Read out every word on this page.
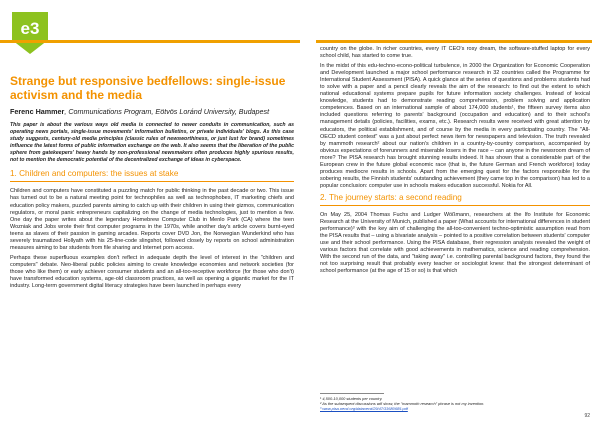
e3
Strange but responsive bedfellows: single-issue activism and the media
Ferenc Hammer, Communications Program, Eötvös Loránd University, Budapest

This paper is about the various ways old media is connected to newer conduits in communication, such as operating news portals, single-issue movements' information bulletins, or private individuals' blogs. As this case study suggests, century-old media principles (classic rules of newsworthiness, or just lust for brand) sometimes influence the latest forms of public information exchange on the web. It also seems that the liberation of the public sphere from gatekeepers' heavy hands by non-professional newsmakers often produces highly spurious results, not to mention the democratic potential of the decentralized exchange of ideas in cyberspace.

1. Children and computers: the issues at stake

Children and computers have constituted a puzzling match for public thinking in the past decade or two. This issue has turned out to be a natural meeting point for technophiles as well as technophobes, IT marketing chiefs and education policy makers, puzzled parents aiming to catch up with their children in using their gizmos, communication regulators, or moral panic entrepreneurs capitalizing on the change of media technologies, just to mention a few. One day the paper writes about the legendary Homebrew Computer Club in Menlo Park (CA) where the teen Wozniak and Jobs wrote their first computer programs in the 1970s, while another day's article covers burnt-eyed teens as slaves of their passion in gaming arcades. Reports cover DVD Jon, the Norwegian Wunderkind who has severely traumatized Hollyath with his 25-line-code slingshot, followed closely by reports on school administration measures aiming to bar students from file sharing and Internet porn access.

Perhaps these superfluous examples don't reflect in adequate depth the level of interest in the "children and computers" debate. Neo-liberal public policies aiming to create knowledge economies and network societies (for those who like them) or early achiever consumer students and an all-too-receptive workforce (for those who don't) have transformed education systems, age-old classroom practices, as well as opening a gigantic market for the IT industry. Long-term government digital literacy strategies have been launched in perhaps every

country on the globe. In richer countries, every IT CEO's rosy dream, the software-stuffed laptop for every school child, has started to come true.

In the midst of this edu-techno-econo-political turbulence, in 2000 the Organization for Economic Cooperation and Development launched a major school performance research in 32 countries called the Programme for International Student Assessment (PISA). A quick glance at the series of questions and problems students had to solve with a paper and a pencil clearly reveals the aim of the research: to find out the extent to which national educational systems prepare pupils for future information society challenges. Instead of lexical knowledge, students had to demonstrate reading comprehension, problem solving and application competences. Based on an international sample of about 174,000 students¹, the fifteen survey items also included questions referring to parents' background (occupation and education) and to their school's management details (policies, facilities, exams, etc.). Research results were received with great attention by educators, the political establishment, and of course by the media in every participating country. The "All-OECD student contest" was a just about perfect news item for newspapers and television. The truth revealed by mammoth research² about our nation's children in a country-by-country comparison, accompanied by obvious expectations of forerunners and miserable losers in the race – can anyone in the newsroom dream of more? The PISA research has brought stunning results indeed. It has shown that a considerable part of the European crew in the future global economic race (that is, the future German and French workforce) today produces mediocre results in schools. Apart from the emerging quest for the factors responsible for the sobering results, the Finnish students' outstanding achievement (they came top in the comparison) has led to a popular conclusion: computer use in schools makes education successful. Nokia for All.

2. The journey starts: a second reading

On May 25, 2004 Thomas Fuchs and Ludger Wößmann, researchers at the Ifo Institute for Economic Research at the University of Munich, published a paper (What accounts for international differences in student performance)³ with the key aim of challenging the all-too-convenient techno-optimistic assumption read from the PISA results that – using a bivariate analysis – pointed to a positive correlation between students' computer use and their school performance. Using the PISA database, their regression analysis revealed the weight of various factors that correlate with good achievements in mathematics, science and reading comprehension. With the second run of the data, and "taking away" i.e. controlling parental background factors, they found the not too surprising result that probably every teacher or sociologist knew: that the strongest determinant of school performance (at the age of 15 or so) is that which

¹ 4,500-10,000 students per country.
² As the subsequent discussions will show, the "mammoth research" phrase is not my invention.
³ www.pisa.oecd.org/dataoecd/29/47/33680685.pdf
92
